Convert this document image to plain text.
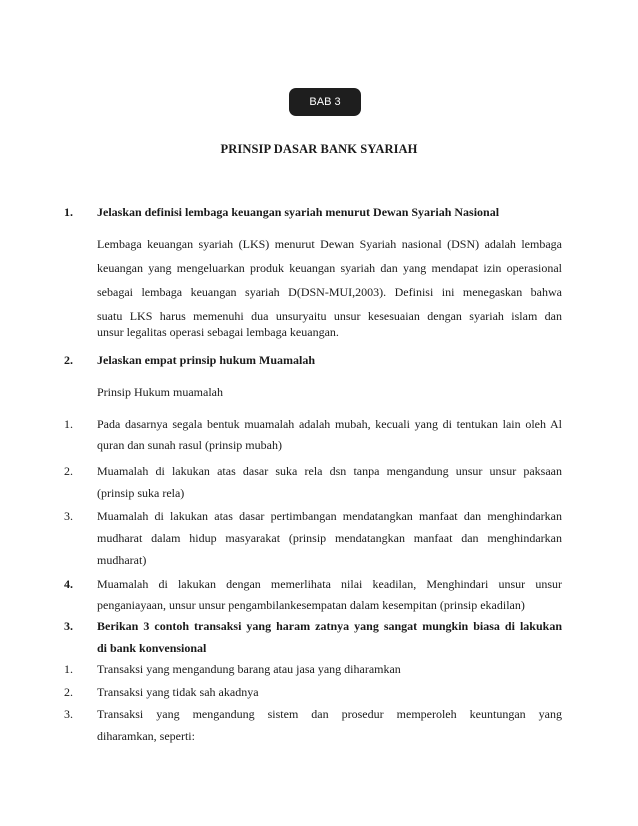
BAB 3
PRINSIP DASAR BANK SYARIAH
1. Jelaskan definisi lembaga keuangan syariah menurut Dewan Syariah Nasional
Lembaga keuangan syariah (LKS) menurut Dewan Syariah nasional (DSN) adalah lembaga
keuangan yang mengeluarkan produk keuangan syariah dan yang mendapat izin operasional
sebagai lembaga keuangan syariah D(DSN-MUI,2003). Definisi ini menegaskan bahwa
suatu LKS harus memenuhi dua unsuryaitu unsur kesesuaian dengan syariah islam dan
unsur legalitas operasi sebagai lembaga keuangan.
2. Jelaskan empat prinsip hukum Muamalah
Prinsip Hukum muamalah
1. Pada dasarnya segala bentuk muamalah adalah mubah, kecuali yang di tentukan lain oleh Al
quran dan sunah rasul (prinsip mubah)
2. Muamalah di lakukan atas dasar suka rela dsn tanpa mengandung unsur unsur paksaan
(prinsip suka rela)
3. Muamalah di lakukan atas dasar pertimbangan mendatangkan manfaat dan menghindarkan
mudharat dalam hidup masyarakat (prinsip mendatangkan manfaat dan menghindarkan
mudharat)
4. Muamalah di lakukan dengan memerlihata nilai keadilan, Menghindari unsur unsur
penganiayaan, unsur unsur pengambilankesempatan dalam kesempitan (prinsip ekadilan)
3. Berikan 3 contoh transaksi yang haram zatnya yang sangat mungkin biasa di lakukan
di bank konvensional
1. Transaksi yang mengandung barang atau jasa yang diharamkan
2. Transaksi yang tidak sah akadnya
3. Transaksi yang mengandung sistem dan prosedur memperoleh keuntungan yang
diharamkan, seperti:
